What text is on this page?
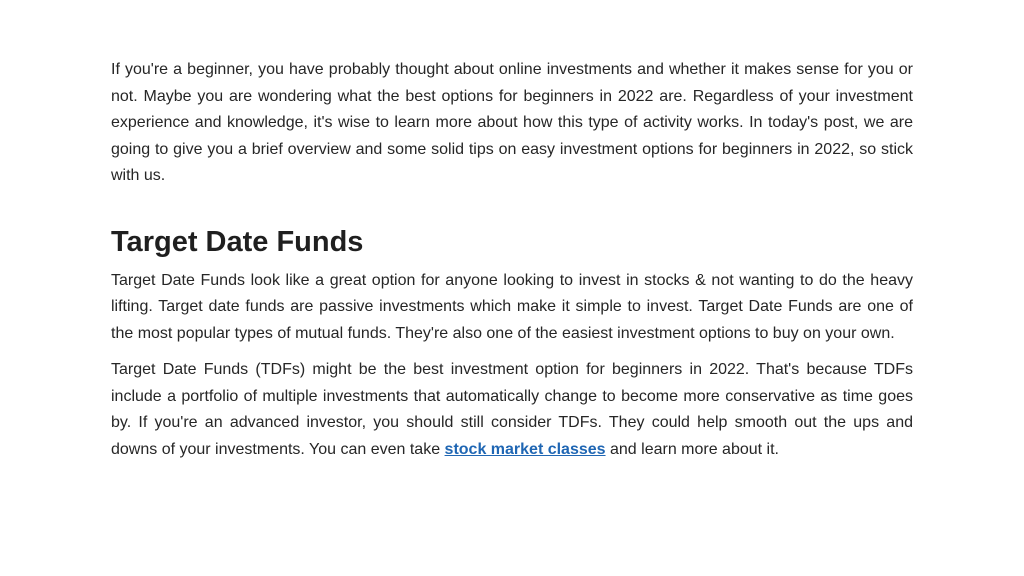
If you're a beginner, you have probably thought about online investments and whether it makes sense for you or not. Maybe you are wondering what the best options for beginners in 2022 are. Regardless of your investment experience and knowledge, it's wise to learn more about how this type of activity works. In today's post, we are going to give you a brief overview and some solid tips on easy investment options for beginners in 2022, so stick with us.

Target Date Funds

Target Date Funds look like a great option for anyone looking to invest in stocks & not wanting to do the heavy lifting. Target date funds are passive investments which make it simple to invest. Target Date Funds are one of the most popular types of mutual funds. They're also one of the easiest investment options to buy on your own.

Target Date Funds (TDFs) might be the best investment option for beginners in 2022. That's because TDFs include a portfolio of multiple investments that automatically change to become more conservative as time goes by. If you're an advanced investor, you should still consider TDFs. They could help smooth out the ups and downs of your investments. You can even take stock market classes and learn more about it.
